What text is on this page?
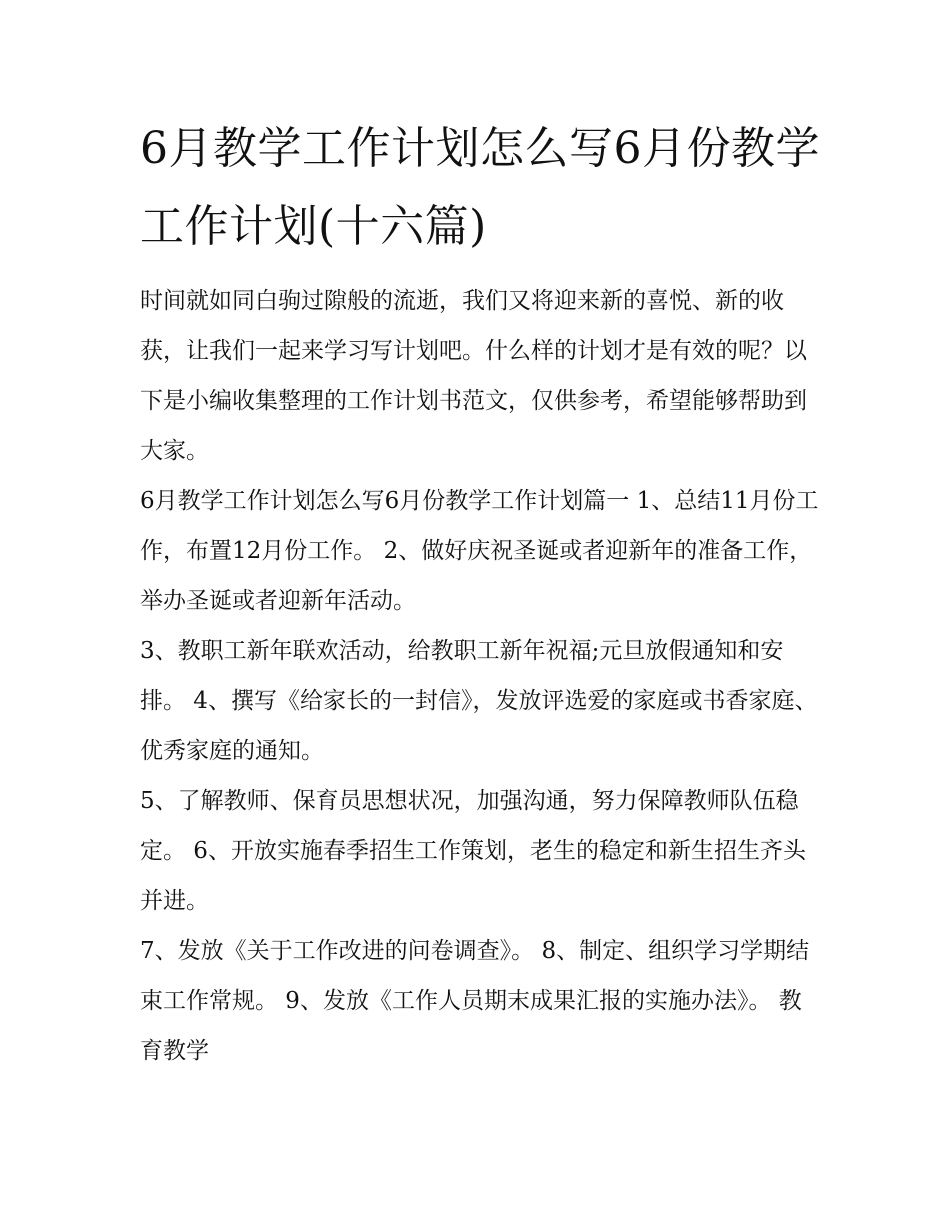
6月教学工作计划怎么写6月份教学工作计划(十六篇)

时间就如同白驹过隙般的流逝，我们又将迎来新的喜悦、新的收获，让我们一起来学习写计划吧。什么样的计划才是有效的呢？以下是小编收集整理的工作计划书范文，仅供参考，希望能够帮助到大家。

6月教学工作计划怎么写6月份教学工作计划篇一 1、总结11月份工作，布置12月份工作。 2、做好庆祝圣诞或者迎新年的准备工作，举办圣诞或者迎新年活动。

3、教职工新年联欢活动，给教职工新年祝福;元旦放假通知和安排。 4、撰写《给家长的一封信》，发放评选爱的家庭或书香家庭、优秀家庭的通知。

5、了解教师、保育员思想状况，加强沟通，努力保障教师队伍稳定。 6、开放实施春季招生工作策划，老生的稳定和新生招生齐头并进。

7、发放《关于工作改进的问卷调查》。 8、制定、组织学习学期结束工作常规。 9、发放《工作人员期末成果汇报的实施办法》。 教育教学
